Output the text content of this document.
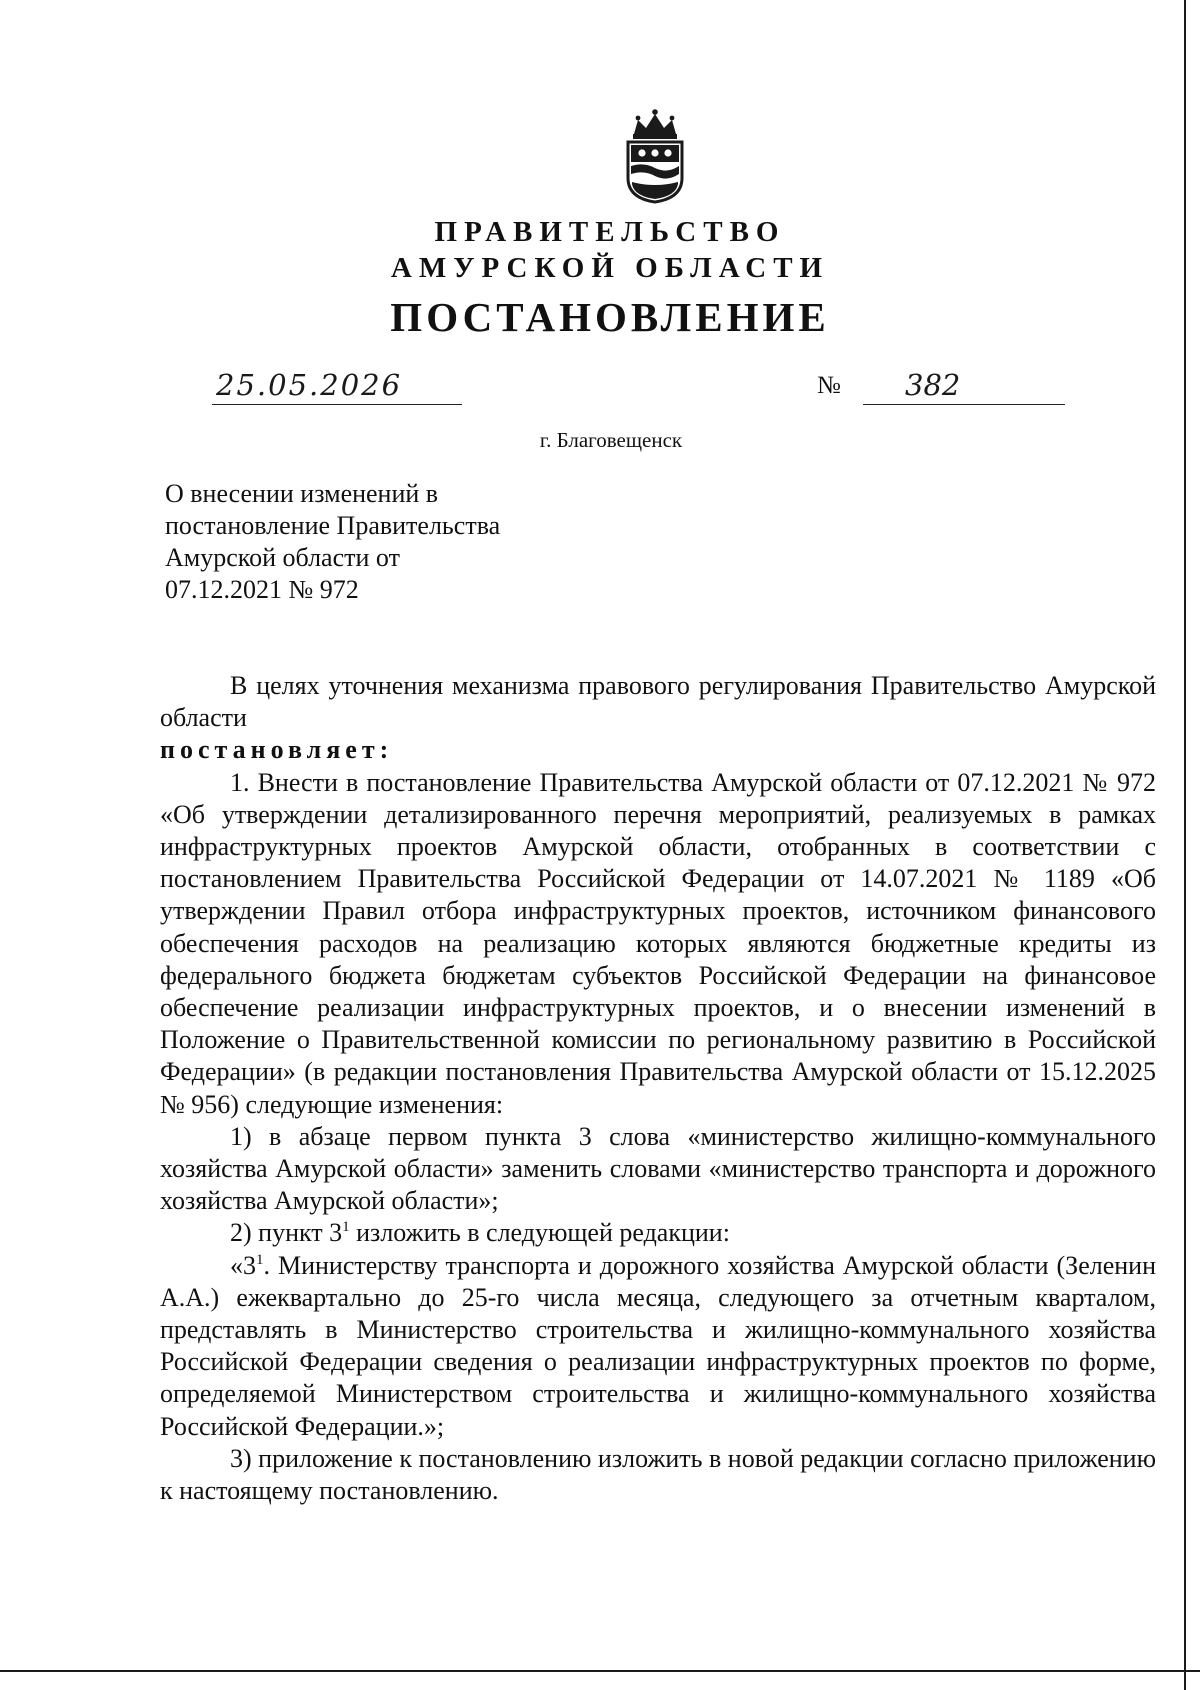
ПРАВИТЕЛЬСТВО
АМУРСКОЙ ОБЛАСТИ
ПОСТАНОВЛЕНИЕ
25.05.2026	№ 382
г. Благовещенск
О внесении изменений в
постановление Правительства
Амурской области от
07.12.2021 № 972

В целях уточнения механизма правового регулирования Правительство Амурской области

постановляет:

1. Внести в постановление Правительства Амурской области от 07.12.2021 № 972 «Об утверждении детализированного перечня мероприятий, реализуемых в рамках инфраструктурных проектов Амурской области, отобранных в соответствии с постановлением Правительства Российской Федерации от 14.07.2021 № 1189 «Об утверждении Правил отбора инфраструктурных проектов, источником финансового обеспечения расходов на реализацию которых являются бюджетные кредиты из федерального бюджета бюджетам субъектов Российской Федерации на финансовое обеспечение реализации инфраструктурных проектов, и о внесении изменений в Положение о Правительственной комиссии по региональному развитию в Российской Федерации» (в редакции постановления Правительства Амурской области от 15.12.2025 № 956) следующие изменения:

1) в абзаце первом пункта 3 слова «министерство жилищно-коммунального хозяйства Амурской области» заменить словами «министерство транспорта и дорожного хозяйства Амурской области»;

2) пункт $3^1$ изложить в следующей редакции:

«$3^1$. Министерству транспорта и дорожного хозяйства Амурской области (Зеленин А.А.) ежеквартально до 25-го числа месяца, следующего за отчетным кварталом, представлять в Министерство строительства и жилищно-коммунального хозяйства Российской Федерации сведения о реализации инфраструктурных проектов по форме, определяемой Министерством строительства и жилищно-коммунального хозяйства Российской Федерации.»;

3) приложение к постановлению изложить в новой редакции согласно приложению к настоящему постановлению.
